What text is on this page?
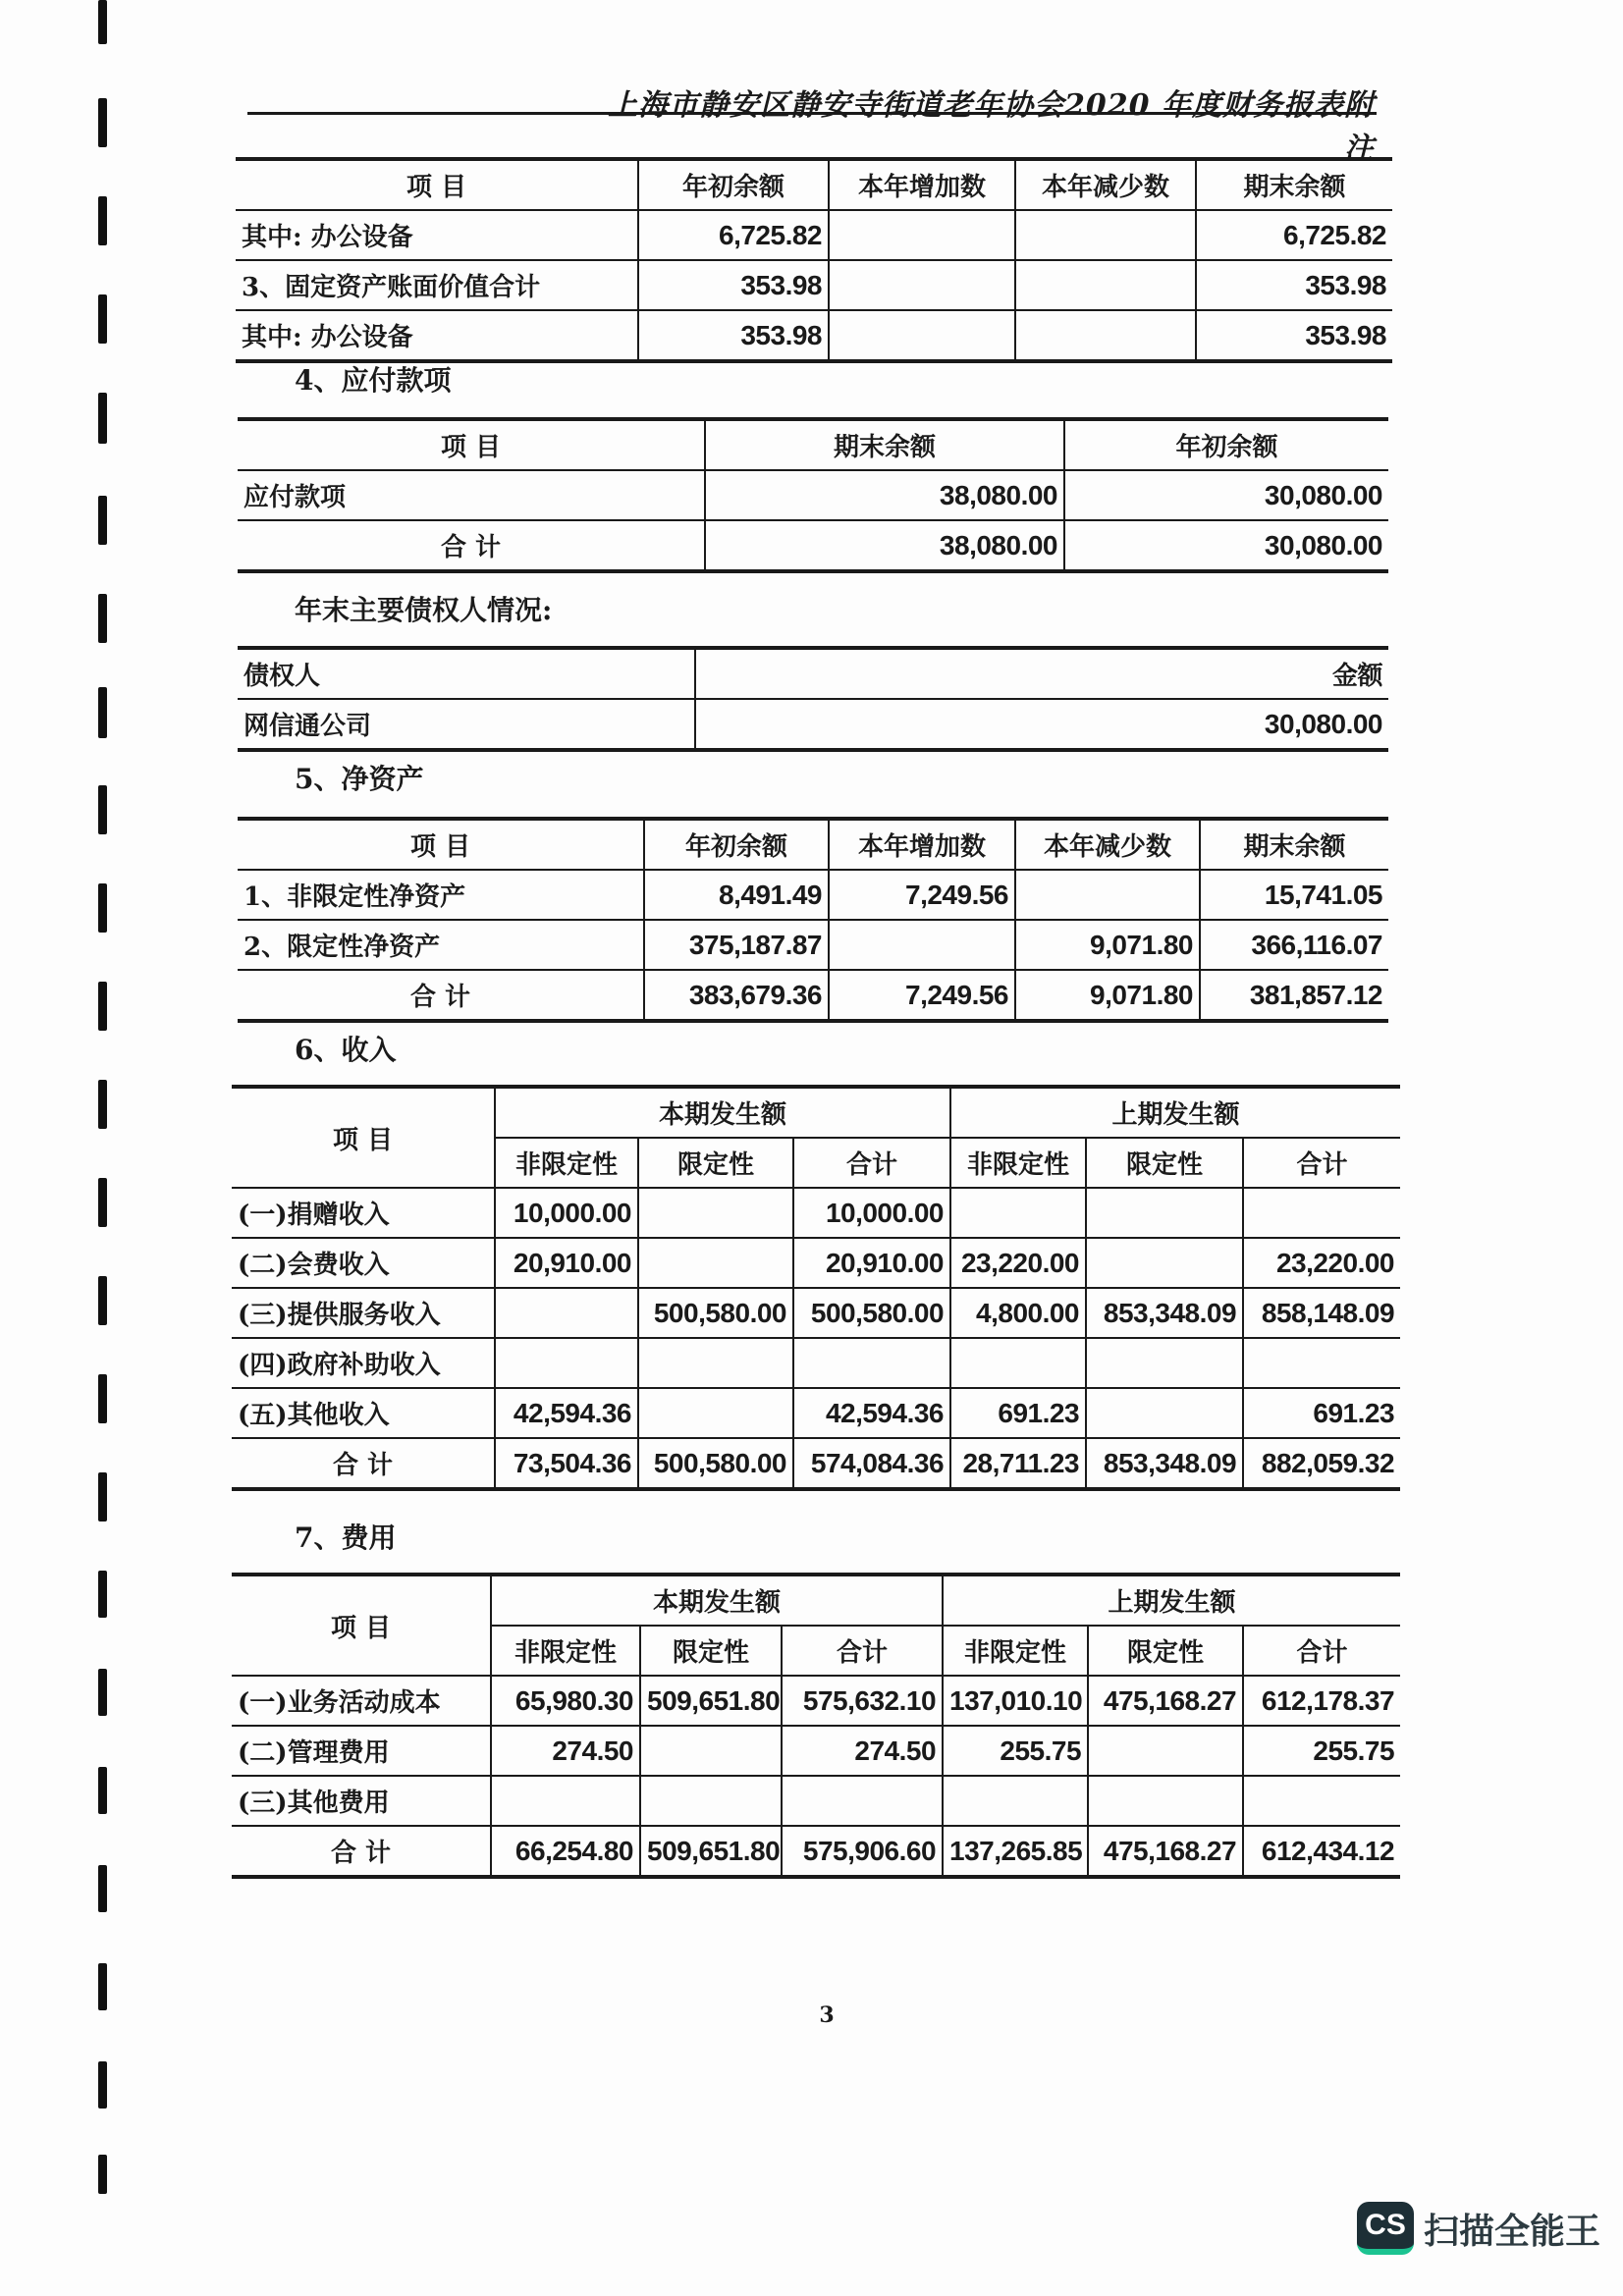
上海市静安区静安寺街道老年协会2020 年度财务报表附注
项 目	年初余额	本年增加数	本年减少数	期末余额
其中: 办公设备	6,725.82			6,725.82
3、固定资产账面价值合计	353.98			353.98
其中: 办公设备	353.98			353.98
4、应付款项
项 目	期末余额	年初余额
应付款项	38,080.00	30,080.00
合 计	38,080.00	30,080.00
年末主要债权人情况:
债权人	金额
网信通公司	30,080.00
5、净资产
项 目	年初余额	本年增加数	本年减少数	期末余额
1、非限定性净资产	8,491.49	7,249.56		15,741.05
2、限定性净资产	375,187.87		9,071.80	366,116.07
合 计	383,679.36	7,249.56	9,071.80	381,857.12
6、收入
项 目	本期发生额			上期发生额		
	非限定性	限定性	合计	非限定性	限定性	合计
(一)捐赠收入	10,000.00		10,000.00			
(二)会费收入	20,910.00		20,910.00	23,220.00		23,220.00
(三)提供服务收入		500,580.00	500,580.00	4,800.00	853,348.09	858,148.09
(四)政府补助收入						
(五)其他收入	42,594.36		42,594.36	691.23		691.23
合 计	73,504.36	500,580.00	574,084.36	28,711.23	853,348.09	882,059.32
7、费用
项 目	本期发生额			上期发生额		
	非限定性	限定性	合计	非限定性	限定性	合计
(一)业务活动成本	65,980.30	509,651.80	575,632.10	137,010.10	475,168.27	612,178.37
(二)管理费用	274.50		274.50	255.75		255.75
(三)其他费用						
合 计	66,254.80	509,651.80	575,906.60	137,265.85	475,168.27	612,434.12
3
CS 扫描全能王
